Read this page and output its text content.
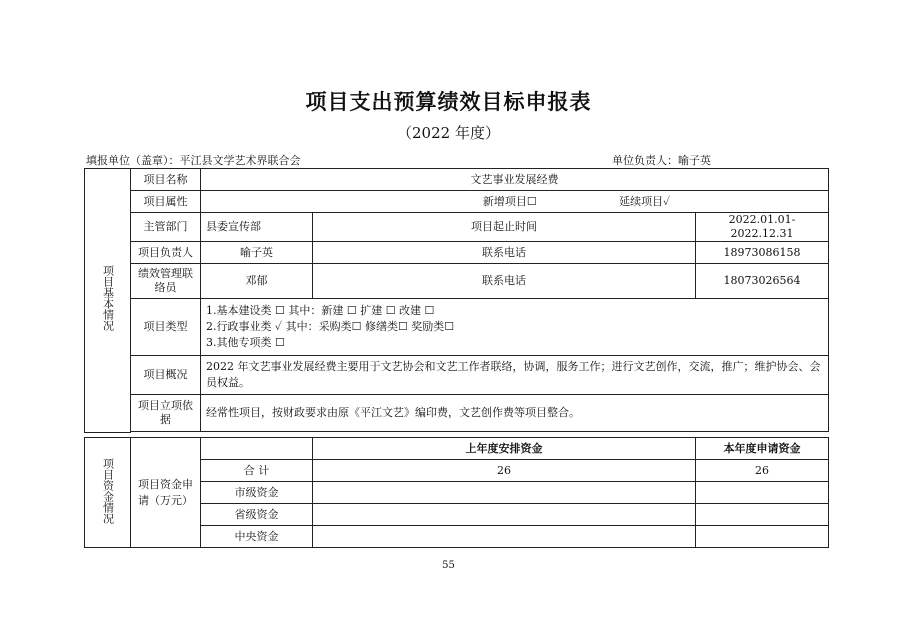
项目支出预算绩效目标申报表
（2022 年度）
填报单位（盖章）：平江县文学艺术界联合会	单位负责人：喻子英
项目基本情况	项目名称	文艺事业发展经费		
	项目属性	新增项目☐ 延续项目✓		
	主管部门	县委宣传部	项目起止时间	2022.01.01-2022.12.31
	项目负责人	喻子英	联系电话	18973086158
	绩效管理联络员	邓郁	联系电话	18073026564
	项目类型	1.基本建设类 ☐ 其中：新建 ☐ 扩建 ☐ 改建 ☐
2.行政事业类 ✓ 其中：采购类☐ 修缮类☐ 奖励类☐
3.其他专项类 ☐		

	项目概况	2022 年文艺事业发展经费主要用于文艺协会和文艺工作者联络，协调，服务工作；进行文艺创作，交流，推广；维护协会、会员权益。		
	项目立项依据	经常性项目，按财政要求由原《平江文艺》编印费，文艺创作费等项目整合。		

项目资金情况	项目资金申请（万元）		上年度安排资金	本年度申请资金
		合 计	26	26
		市级资金		
		省级资金		
		中央资金		
55
